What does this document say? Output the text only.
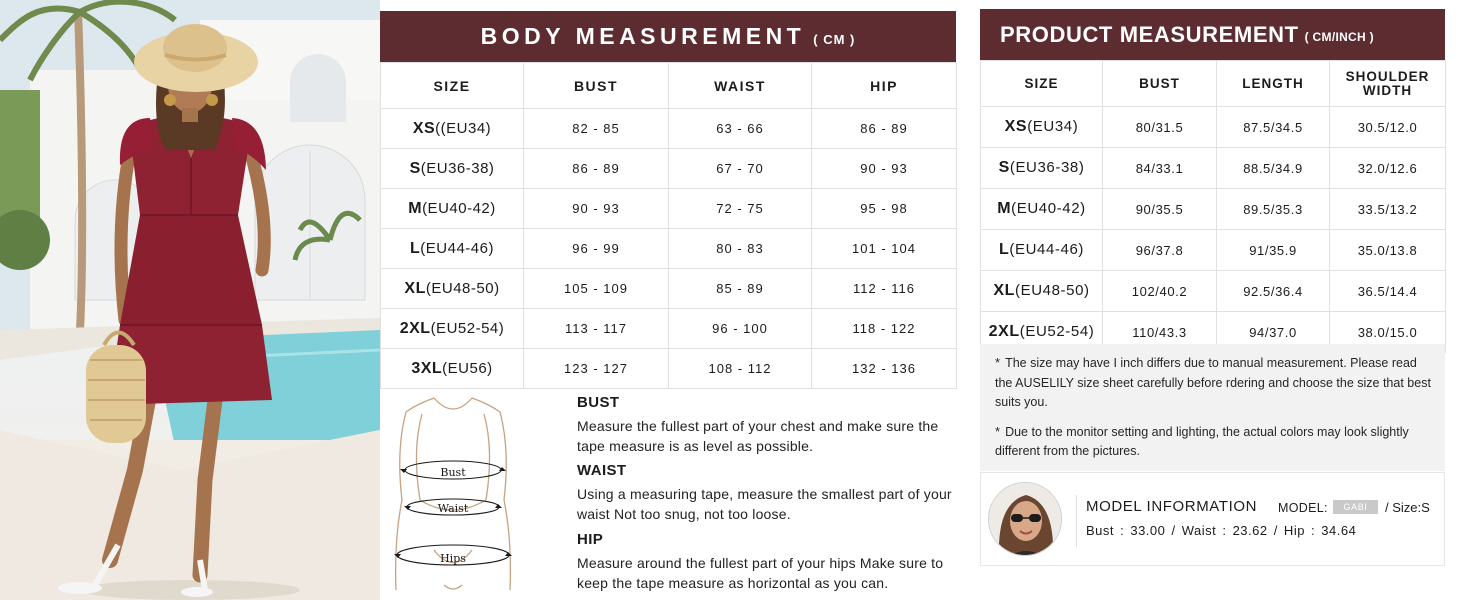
BODY MEASUREMENT ( CM )
SIZE	BUST	WAIST	HIP
XS((EU34)	82 - 85	63 - 66	86 - 89
S(EU36-38)	86 - 89	67 - 70	90 - 93
M(EU40-42)	90 - 93	72 - 75	95 - 98
L(EU44-46)	96 - 99	80 - 83	101 - 104
XL(EU48-50)	105 - 109	85 - 89	112 - 116
2XL(EU52-54)	113 - 117	96 - 100	118 - 122
3XL(EU56)	123 - 127	108 - 112	132 - 136
Bust
Waist
Hips
BUST

Measure the fullest part of your chest and make sure the tape measure is as level as possible.

WAIST

Using a measuring tape, measure the smallest part of your waist Not too snug, not too loose.

HIP

Measure around the fullest part of your hips Make sure to keep the tape measure as horizontal as you can.

PRODUCT MEASUREMENT ( CM/INCH )
SIZE	BUST	LENGTH	SHOULDER WIDTH
XS(EU34)	80/31.5	87.5/34.5	30.5/12.0
S(EU36-38)	84/33.1	88.5/34.9	32.0/12.6
M(EU40-42)	90/35.5	89.5/35.3	33.5/13.2
L(EU44-46)	96/37.8	91/35.9	35.0/13.8
XL(EU48-50)	102/40.2	92.5/36.4	36.5/14.4
2XL(EU52-54)	110/43.3	94/37.0	38.0/15.0

* The size may have I inch differs due to manual measurement. Please read the AUSELILY size sheet carefully before rdering and choose the size that best suits you.

* Due to the monitor setting and lighting, the actual colors may look slightly different from the pictures.

MODEL INFORMATION MODEL:	GABI	/ Size:S
Bust : 33.00 / Waist : 23.62 / Hip : 34.64
